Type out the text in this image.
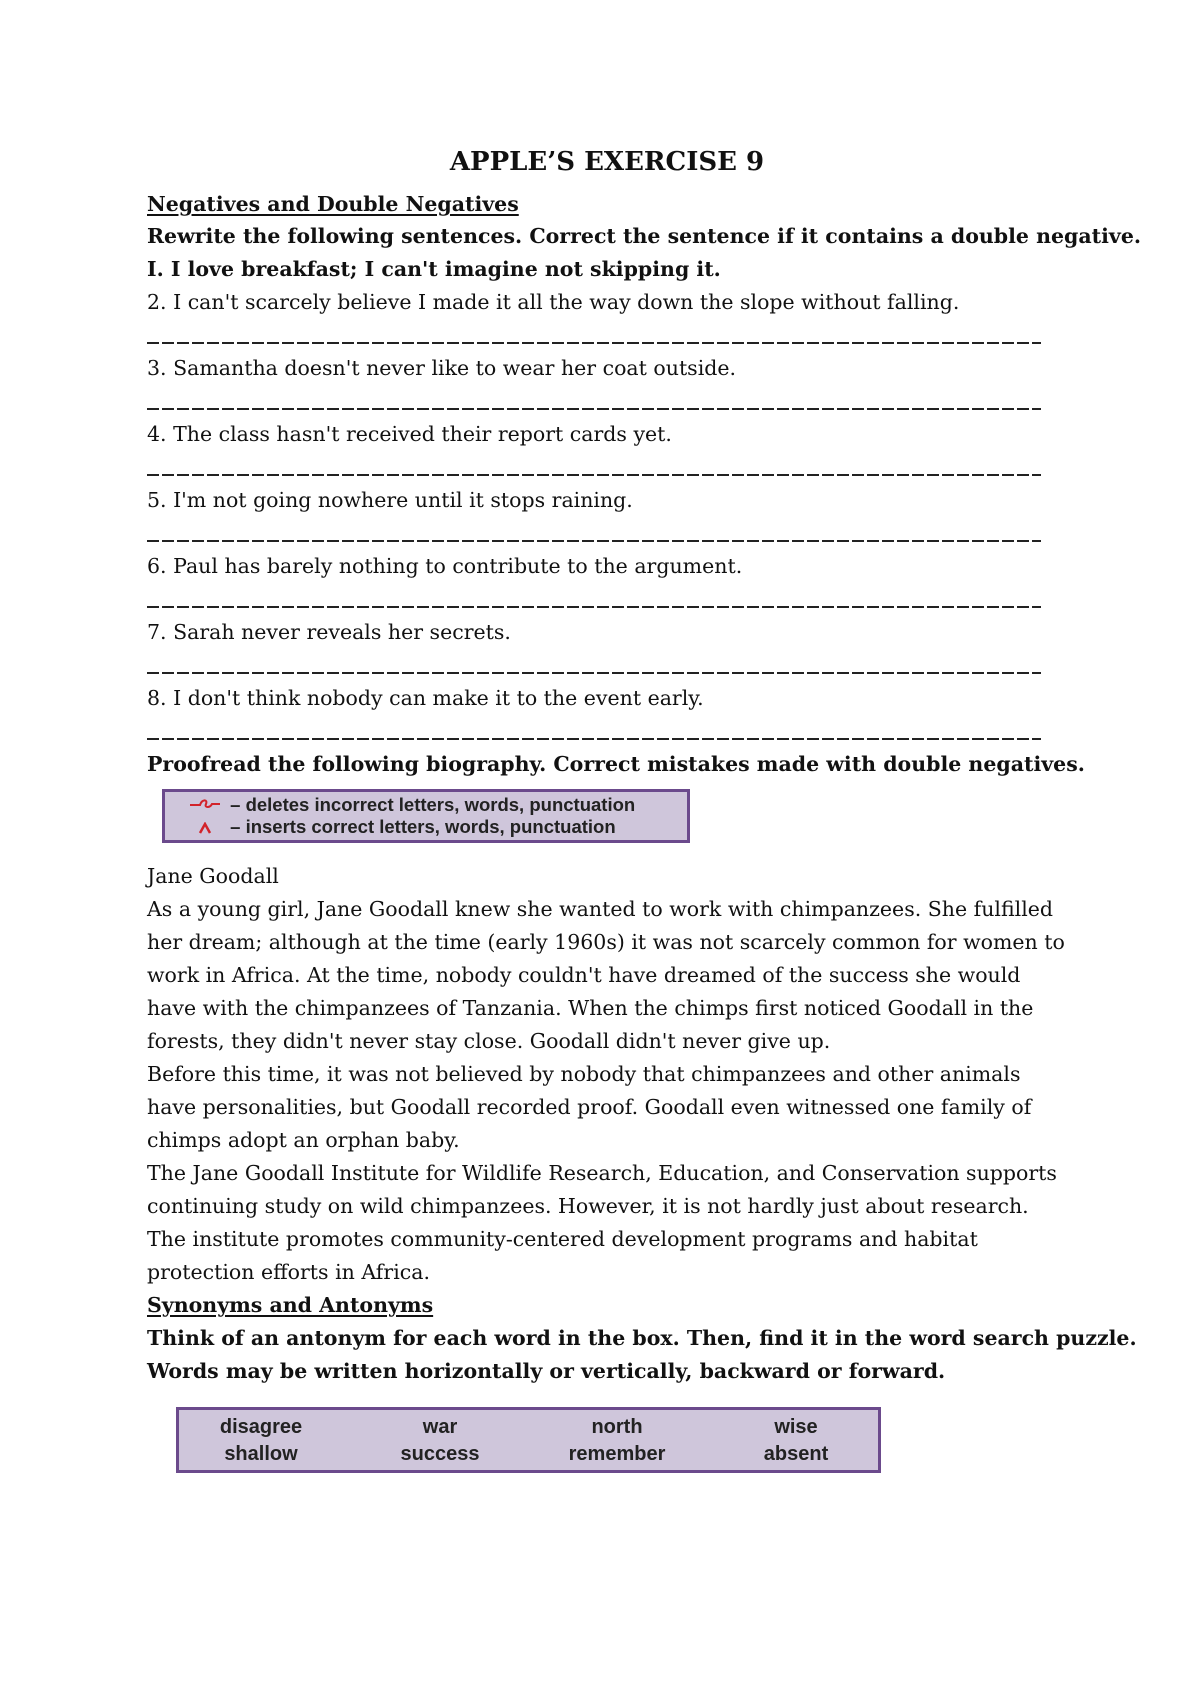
APPLE’S EXERCISE 9

Negatives and Double Negatives

Rewrite the following sentences. Correct the sentence if it contains a double negative.

I. I love breakfast; I can't imagine not skipping it.

2. I can't scarcely believe I made it all the way down the slope without falling.

3. Samantha doesn't never like to wear her coat outside.

4. The class hasn't received their report cards yet.

5. I'm not going nowhere until it stops raining.

6. Paul has barely nothing to contribute to the argument.

7. Sarah never reveals her secrets.

8. I don't think nobody can make it to the event early.

Proofread the following biography. Correct mistakes made with double negatives.

– deletes incorrect letters, words, punctuation
– inserts correct letters, words, punctuation

Jane Goodall

As a young girl, Jane Goodall knew she wanted to work with chimpanzees. She fulfilled

her dream; although at the time (early 1960s) it was not scarcely common for women to

work in Africa. At the time, nobody couldn't have dreamed of the success she would

have with the chimpanzees of Tanzania. When the chimps first noticed Goodall in the

forests, they didn't never stay close. Goodall didn't never give up.

Before this time, it was not believed by nobody that chimpanzees and other animals

have personalities, but Goodall recorded proof. Goodall even witnessed one family of

chimps adopt an orphan baby.

The Jane Goodall Institute for Wildlife Research, Education, and Conservation supports

continuing study on wild chimpanzees. However, it is not hardly just about research.

The institute promotes community-centered development programs and habitat

protection efforts in Africa.

Synonyms and Antonyms

Think of an antonym for each word in the box. Then, find it in the word search puzzle.

Words may be written horizontally or vertically, backward or forward.

disagree	war	north	wise
shallow	success	remember	absent
